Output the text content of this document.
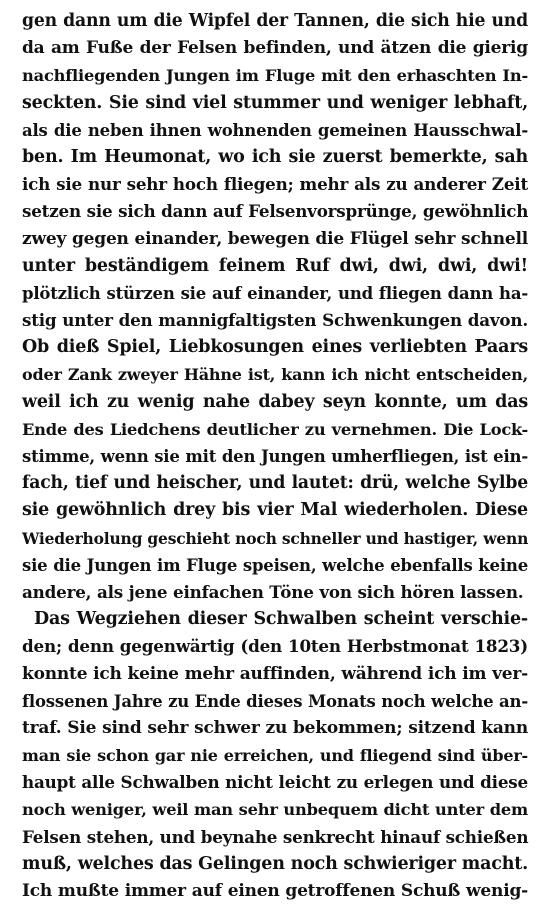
gen dann um die Wipfel der Tannen, die sich hie und
da am Fuße der Felsen befinden, und ätzen die gierig
nachfliegenden Jungen im Fluge mit den erhaschten In-
seckten. Sie sind viel stummer und weniger lebhaft,
als die neben ihnen wohnenden gemeinen Hausschwal-
ben. Im Heumonat, wo ich sie zuerst bemerkte, sah
ich sie nur sehr hoch fliegen; mehr als zu anderer Zeit
setzen sie sich dann auf Felsenvorsprünge, gewöhnlich
zwey gegen einander, bewegen die Flügel sehr schnell
unter beständigem feinem Ruf dwi, dwi, dwi, dwi!
plötzlich stürzen sie auf einander, und fliegen dann ha-
stig unter den mannigfaltigsten Schwenkungen davon.
Ob dieß Spiel, Liebkosungen eines verliebten Paars
oder Zank zweyer Hähne ist, kann ich nicht entscheiden,
weil ich zu wenig nahe dabey seyn konnte, um das
Ende des Liedchens deutlicher zu vernehmen. Die Lock-
stimme, wenn sie mit den Jungen umherfliegen, ist ein-
fach, tief und heischer, und lautet: drü, welche Sylbe
sie gewöhnlich drey bis vier Mal wiederholen. Diese
Wiederholung geschieht noch schneller und hastiger, wenn
sie die Jungen im Fluge speisen, welche ebenfalls keine
andere, als jene einfachen Töne von sich hören lassen.
Das Wegziehen dieser Schwalben scheint verschie-
den; denn gegenwärtig (den 10ten Herbstmonat 1823)
konnte ich keine mehr auffinden, während ich im ver-
flossenen Jahre zu Ende dieses Monats noch welche an-
traf. Sie sind sehr schwer zu bekommen; sitzend kann
man sie schon gar nie erreichen, und fliegend sind über-
haupt alle Schwalben nicht leicht zu erlegen und diese
noch weniger, weil man sehr unbequem dicht unter dem
Felsen stehen, und beynahe senkrecht hinauf schießen
muß, welches das Gelingen noch schwieriger macht.
Ich mußte immer auf einen getroffenen Schuß wenig-
